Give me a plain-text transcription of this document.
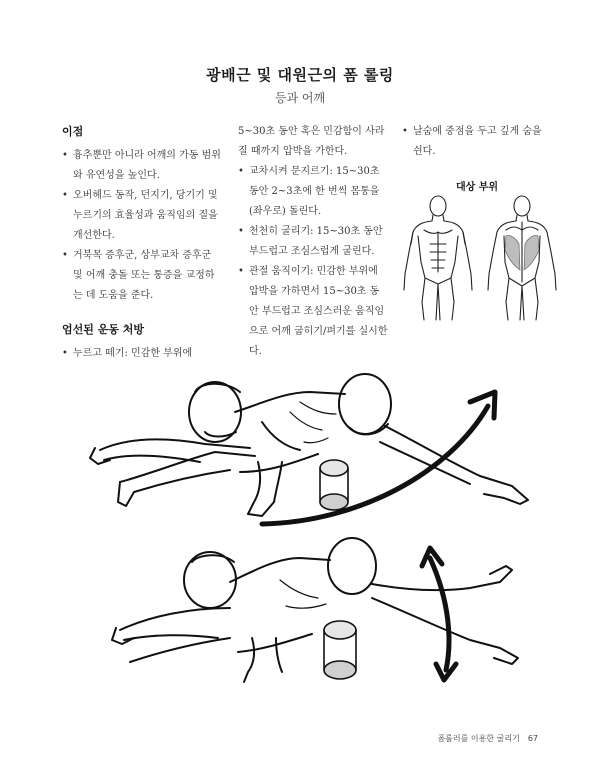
광배근 및 대원근의 폼 롤링
등과 어깨
이점
• 흉추뿐만 아니라 어깨의 가동 범위와 유연성을 높인다.
• 오버헤드 동작, 던지기, 당기기 및 누르기의 효율성과 움직임의 질을 개선한다.
• 거북목 증후군, 상부교차 증후군 및 어깨 충돌 또는 통증을 교정하는 데 도움을 준다.
엄선된 운동 처방
• 누르고 떼기: 민감한 부위에
5~30초 동안 혹은 민감함이 사라질 때까지 압박을 가한다.
• 교차시켜 문지르기: 15~30초 동안 2~3초에 한 번씩 몸통을 (좌우로) 돌린다.
• 천천히 굴리기: 15~30초 동안 부드럽고 조심스럽게 굴린다.
• 관절 움직이기: 민감한 부위에 압박을 가하면서 15~30초 동안 부드럽고 조심스러운 움직임으로 어깨 굽히기/펴기를 실시한다.
• 날숨에 중점을 두고 깊게 숨을 쉰다.
대상 부위
폼롤러를 이용한 굴리기 67
